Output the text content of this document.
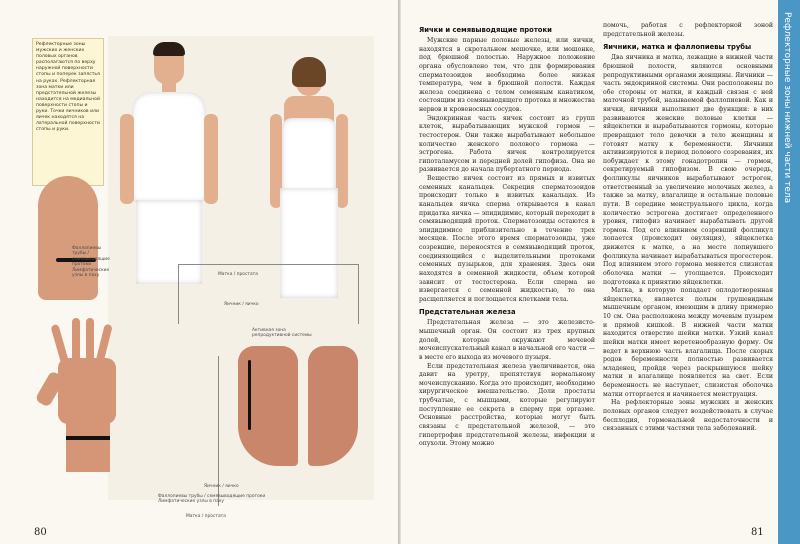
Рефлекторные зоны мужских и женских половых органов располагаются по верху наружной поверхности стопы и поперек запястья на руках. Рефлекторная зона матки или предстательной железы находится на медиальной поверхности стопы и руки. Точки яичников или яичек находятся на латеральной поверхности стопы и руки.
Матка / простата
Яичник / яичко
Активная зона репродуктивной системы
Яичник / яичко
Фаллопиевы трубы / семявыводящие протоки Лимфатические узлы в паху
Матка / простата
Фаллопиевы трубы / семявыводящие протоки Лимфатические узлы в паху
80
Яички и семявыводящие протоки

Мужские парные половые железы, или яички, находятся в скротальном мешочке, или мошонке, под брюшной полостью. Наружное положение органа обусловлено тем, что для формирования сперматозоидов необходима более низкая температура, чем в брюшной полости. Каждая железа соединена с телом семенным канатиком, состоящим из семявыводящего протока и множества нервов и кровеносных сосудов.

Эндокринная часть яичек состоит из групп клеток, вырабатывающих мужской гормон — тестостерон. Они также вырабатывают небольшое количество женского полового гормона — эстрогена. Работа яичек контролируется гипоталамусом и передней долей гипофиза. Она не развивается до начала пубертатного периода.

Вещество яичек состоит из прямых и извитых семенных канальцев. Секреция сперматозоидов происходит только в извитых канальцах. Из канальцев яичка сперма открывается в канал придатка яичка — эпидидимис, который переходит в семявыводящий проток. Сперматозоиды остаются в эпидидимисе приблизительно в течение трех месяцев. После этого время сперматозоиды, уже созревшие, переносятся в семявыводящий проток, соединяющийся с выделительными протоками семенных пузырьков, для хранения. Здесь они находятся в семенной жидкости, объем которой зависит от тестостерона. Если сперма не извергается с семенной жидкостью, то она расщепляется и поглощается клетками тела.

Предстательная железа

Предстательная железа — это железисто-мышечный орган. Он состоит из трех крупных долей, которые окружают мочевой мочеиспускательный канал в начальной его части — в месте его выхода из мочевого пузыря.

Если предстательная железа увеличивается, она давит на уретру, препятствуя нормальному мочеиспусканию. Когда это происходит, необходимо хирургическое вмешательство. Доли простаты трубчатые, с мышцами, которые регулируют поступление ее секрета в сперму при оргазме. Основные расстройства, которые могут быть связаны с предстательной железой, — это гипертрофия предстательной железы, инфекции и опухоли. Этому можно

помочь, работая с рефлекторной зоной предстательной железы.

Яичники, матка и фаллопиевы трубы

Два яичника и матка, лежащие в нижней части брюшной полости, являются основными репродуктивными органами женщины. Яичники — часть эндокринной системы. Они расположены по обе стороны от матки, и каждый связан с ней маточной трубой, называемой фаллопиевой. Как и яички, яичники выполняют две функции: в них развиваются женские половые клетки — яйцеклетки и вырабатываются гормоны, которые превращают тело девочки в тело женщины и готовят матку к беременности. Яичники активизируются в период полового созревания, их побуждает к этому гонадотропин — гормон, секретируемый гипофизом. В свою очередь, фолликулы яичников вырабатывают эстроген, ответственный за увеличение молочных желез, а также за матку, влагалище и остальные половые пути. В середине менструального цикла, когда количество эстрогена достигает определенного уровня, гипофиз начинает вырабатывать другой гормон. Под его влиянием созревший фолликул лопается (происходит овуляция), яйцеклетка движется к матке, а на месте лопнувшего фолликула начинает вырабатываться прогестерон. Под влиянием этого гормона меняется слизистая оболочка матки — утолщается. Происходит подготовка к принятию яйцеклетки.

Матка, в которую попадает оплодотворенная яйцеклетка, является полым грушевидным мышечным органом, имеющим в длину примерно 10 см. Она расположена между мочевым пузырем и прямой кишкой. В нижней части матки находится отверстие шейки матки. Узкий канал шейки матки имеет веретенообразную форму. Он ведет в верхнюю часть влагалища. После скорых родов беременности полностью развивается младенец, пройдя через раскрывшуюся шейку матки и влагалище появляется на свет. Если беременность не наступает, слизистая оболочка матки отторгается и начинается менструация.

На рефлекторные зоны мужских и женских половых органов следует воздействовать в случае бесплодия, гормональной недостаточности и связанных с этими частями тела заболеваний.

Рефлекторные зоны нижней части тела
81
